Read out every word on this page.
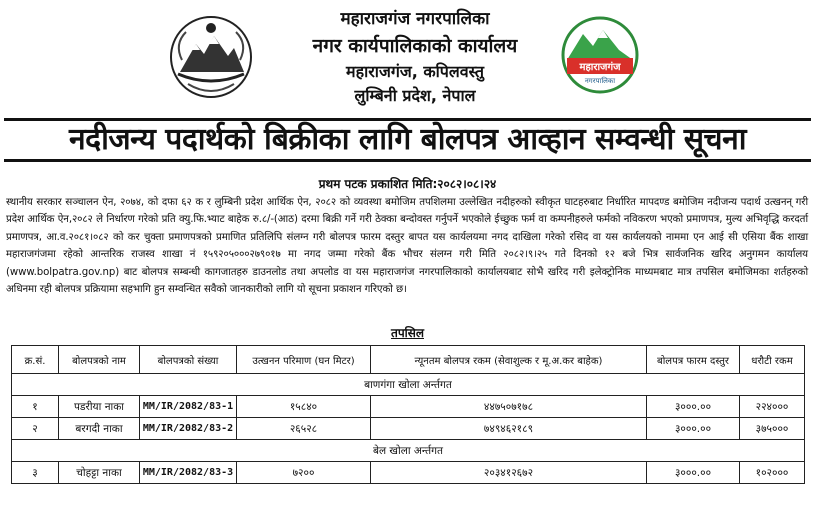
महाराजगंज नगरपालिका
नगर कार्यपालिकाको कार्यालय
महाराजगंज, कपिलवस्तु
लुम्बिनी प्रदेश, नेपाल
महाराजगंज
नगरपालिका
नदीजन्य पदार्थको बिक्रीका लागि बोलपत्र आव्हान सम्वन्धी सूचना
प्रथम पटक प्रकाशित मिति:२०८२।०८।२४
स्थानीय सरकार सञ्चालन ऐन, २०७४, को दफा ६२ क र लुम्बिनी प्रदेश आर्थिक ऐन, २०८२ को व्यवस्था बमोजिम तपशिलमा उल्लेखित नदीहरुको स्वीकृत घाटहरुबाट निर्धारित मापदण्ड बमोजिम नदीजन्य पदार्थ उत्खनन् गरी प्रदेश आर्थिक ऐन,२०८२ ले निर्धारण गरेको प्रति क्यु.फि.भ्याट बाहेक रु.८/-(आठ) दरमा बिक्री गर्ने गरी ठेक्का बन्दोवस्त गर्नुपर्ने भएकोले ईच्छुक फर्म वा कम्पनीहरुले फर्मको नविकरण भएको प्रमाणपत्र, मुल्य अभिवृद्धि करदर्ता प्रमाणपत्र, आ.व.२०८१।०८२ को कर चुक्ता प्रमाणपत्रको प्रमाणित प्रतिलिपि संलग्न गरी बोलपत्र फारम दस्तुर बापत यस कार्यलयमा नगद दाखिला गरेको रसिद वा यस कार्यलयको नाममा एन आई सी एसिया बैंक शाखा महाराजगंजमा रहेको आन्तरिक राजस्व शाखा नं १५९२०५०००२७९०१७ मा नगद जम्मा गरेको बैंक भौचर संलग्न गरी मिति २०८२।९।२५ गते दिनको १२ बजे भित्र सार्वजनिक खरिद अनुगमन कार्यालय (www.bolpatra.gov.np) बाट बोलपत्र सम्बन्धी कागजातहरु डाउनलोड तथा अपलोड वा यस महाराजगंज नगरपालिकाको कार्यालयबाट सोभै खरिद गरी इलेक्ट्रोनिक माध्यमबाट मात्र तपसिल बमोजिमका शर्तहरुको अधिनमा रही बोलपत्र प्रक्रियामा सहभागि हुन सम्वन्धित सवैको जानकारीको लागि यो सूचना प्रकाशन गरिएको छ।
तपसिल
क्र.सं.	बोलपत्रको नाम	बोलपत्रको संख्या	उत्खनन परिमाण (घन मिटर)	न्यूनतम बोलपत्र रकम (सेवाशुल्क र मू.अ.कर बाहेक)	बोलपत्र फारम दस्तुर	धरौटी रकम
बाणगंगा खोला अर्न्तगत						
१	पडरीया नाका	MM/IR/2082/83-1	१५८४०	४४७५०७१७८	३०००.००	२२४०००
२	बरगदी नाका	MM/IR/2082/83-2	२६५२८	७४९४६२१८९	३०००.००	३७५०००
बेल खोला अर्न्तगत						
३	चोहट्टा नाका	MM/IR/2082/83-3	७२००	२०३४१२६७२	३०००.००	१०२०००
